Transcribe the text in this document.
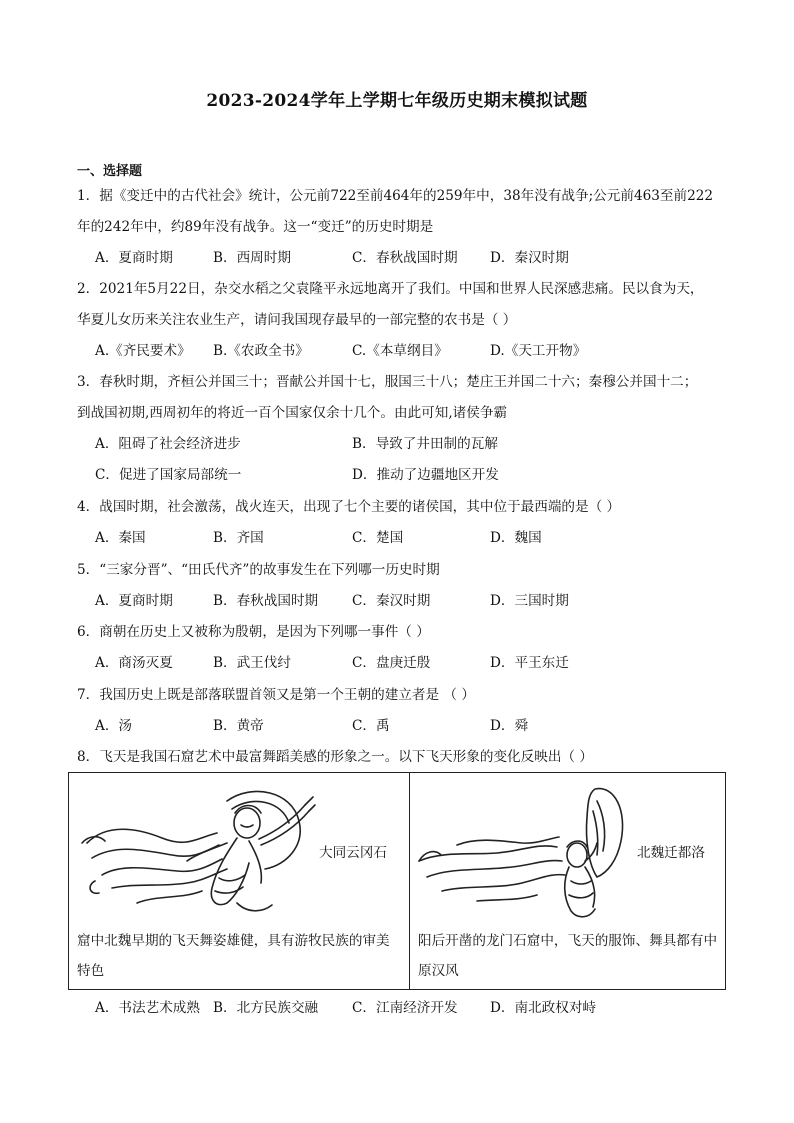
2023-2024学年上学期七年级历史期末模拟试题
一、选择题
1．据《变迁中的古代社会》统计，公元前722至前464年的259年中，38年没有战争;公元前463至前222
年的242年中，约89年没有战争。这一“变迁”的历史时期是
A．夏商时期	B．西周时期	C．春秋战国时期 D．秦汉时期
2．2021年5月22日，杂交水稻之父袁隆平永远地离开了我们。中国和世界人民深感悲痛。民以食为天，
华夏儿女历来关注农业生产，请问我国现存最早的一部完整的农书是（ ）
A.《齐民要术》 B.《农政全书》	C.《本草纲目》	D.《天工开物》
3．春秋时期，齐桓公并国三十；晋献公并国十七，服国三十八；楚庄王并国二十六；秦穆公并国十二；
到战国初期,西周初年的将近一百个国家仅余十几个。由此可知,诸侯争霸
A．阻碍了社会经济进步	B．导致了井田制的瓦解
C．促进了国家局部统一	D．推动了边疆地区开发
4．战国时期，社会激荡，战火连天，出现了七个主要的诸侯国，其中位于最西端的是（ ）
A．秦国	B．齐国	C．楚国	D．魏国
5．“三家分晋”、“田氏代齐”的故事发生在下列哪一历史时期
A．夏商时期	B．春秋战国时期 C．秦汉时期	D．三国时期
6．商朝在历史上又被称为殷朝，是因为下列哪一事件（ ）
A．商汤灭夏	B．武王伐纣	C．盘庚迁殷	D．平王东迁
7．我国历史上既是部落联盟首领又是第一个王朝的建立者是 （ ）
A．汤	B．黄帝	C．禹	D．舜
8．飞天是我国石窟艺术中最富舞蹈美感的形象之一。以下飞天形象的变化反映出（ ）
大同云冈石
窟中北魏早期的飞天舞姿雄健，具有游牧民族的审美
特色
北魏迁都洛
阳后开凿的龙门石窟中，飞天的服饰、舞具都有中
原汉风
A．书法艺术成熟 B．北方民族交融 C．江南经济开发 D．南北政权对峙
